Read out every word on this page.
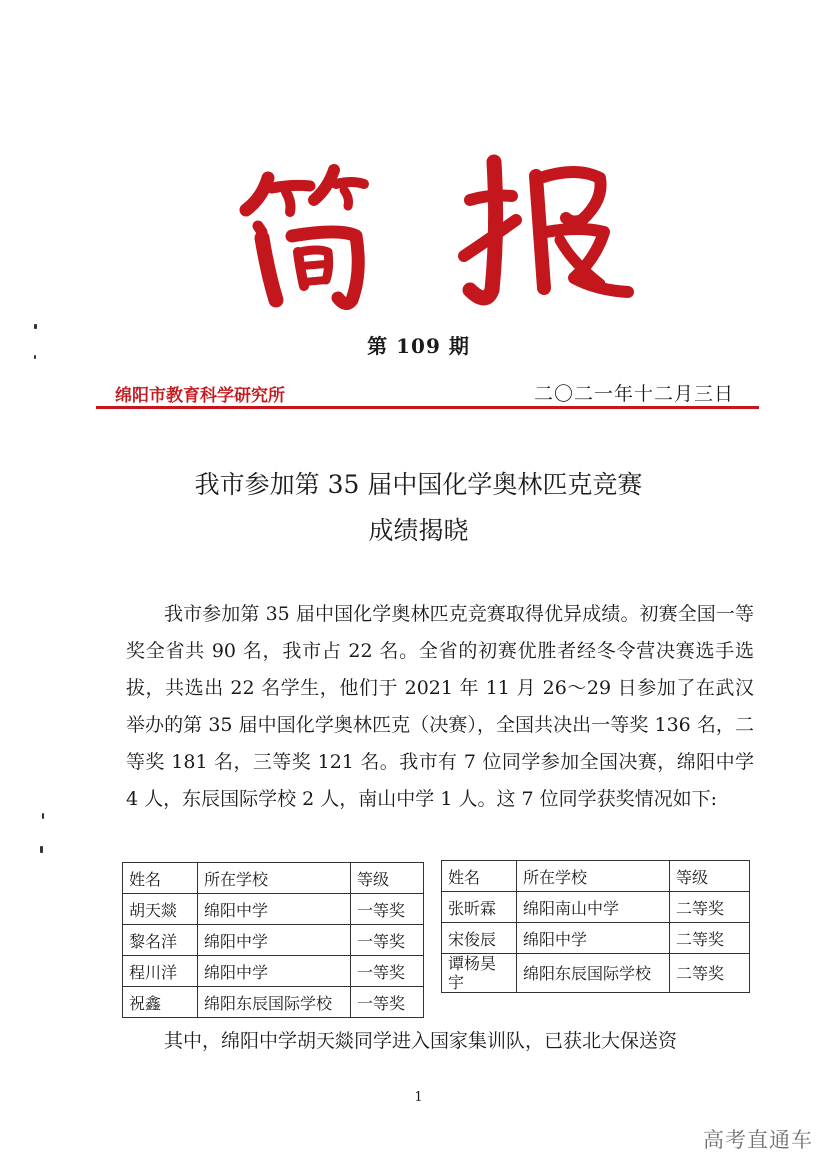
第 109 期
绵阳市教育科学研究所	二〇二一年十二月三日
我市参加第 35 届中国化学奥林匹克竞赛
成绩揭晓

我市参加第 35 届中国化学奥林匹克竞赛取得优异成绩。初赛全国一等奖全省共 90 名，我市占 22 名。全省的初赛优胜者经冬令营决赛选手选拔，共选出 22 名学生，他们于 2021 年 11 月 26～29 日参加了在武汉举办的第 35 届中国化学奥林匹克（决赛），全国共决出一等奖 136 名，二等奖 181 名，三等奖 121 名。我市有 7 位同学参加全国决赛，绵阳中学 4 人，东辰国际学校 2 人，南山中学 1 人。这 7 位同学获奖情况如下:

姓名	所在学校	等级
胡天燚	绵阳中学	一等奖
黎名洋	绵阳中学	一等奖
程川洋	绵阳中学	一等奖
祝鑫	绵阳东辰国际学校	一等奖
姓名	所在学校	等级
张昕霖	绵阳南山中学	二等奖
宋俊辰	绵阳中学	二等奖
谭杨昊宇	绵阳东辰国际学校	二等奖

其中，绵阳中学胡天燚同学进入国家集训队，已获北大保送资

1
高考直通车
